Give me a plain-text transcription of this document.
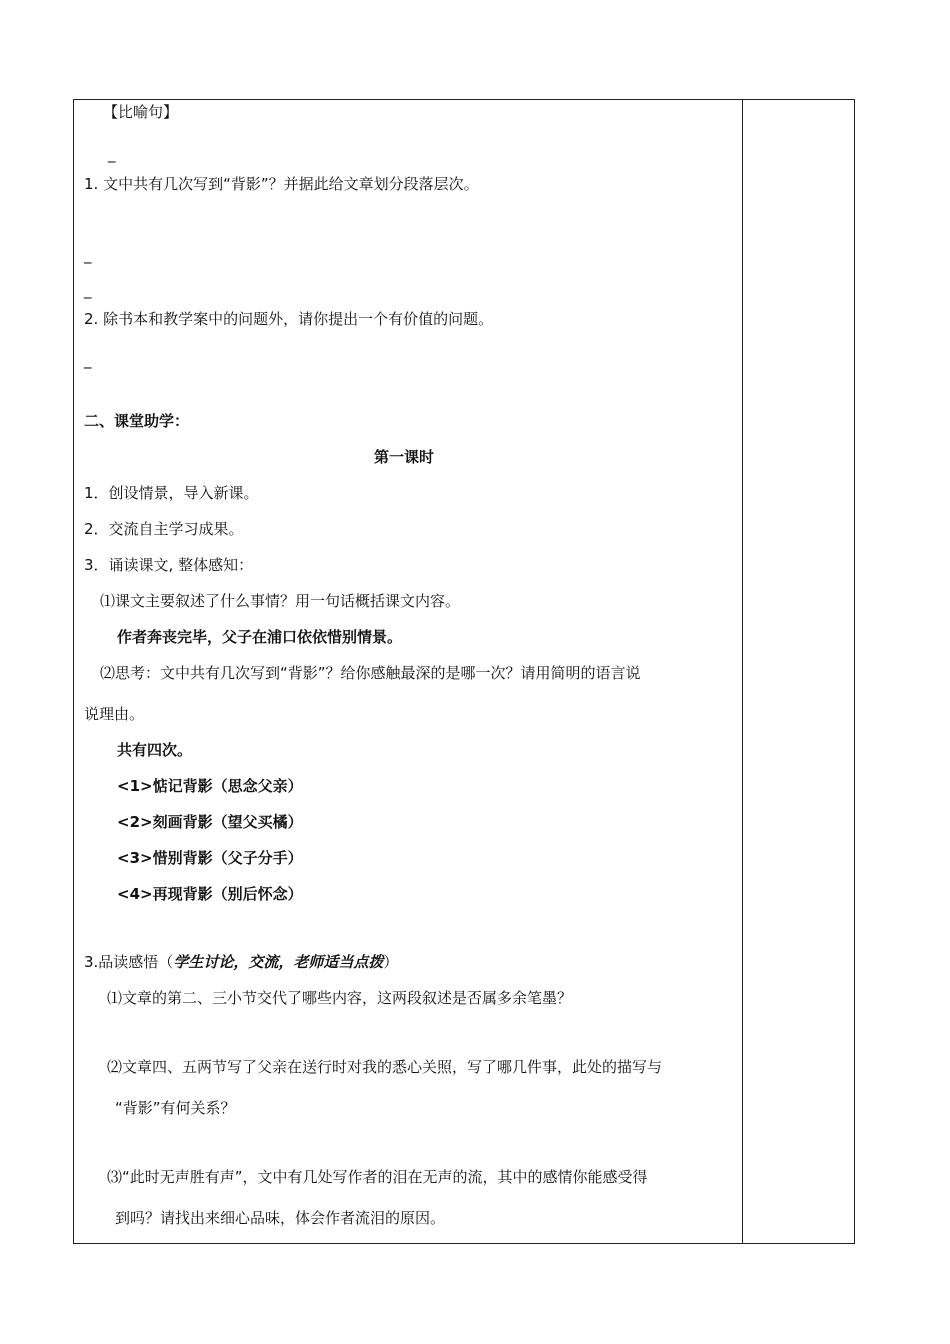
【比喻句】
_
1. 文中共有几次写到“背影”？并据此给文章划分段落层次。
_
_
2. 除书本和教学案中的问题外，请你提出一个有价值的问题。
_
二、课堂助学：
第一课时
1．创设情景，导入新课。
2．交流自主学习成果。
3．诵读课文, 整体感知：
⑴课文主要叙述了什么事情？用一句话概括课文内容。
作者奔丧完毕，父子在浦口依依惜别情景。
⑵思考：文中共有几次写到“背影”？给你感触最深的是哪一次？请用简明的语言说
说理由。
共有四次。
<1>惦记背影（思念父亲）
<2>刻画背影（望父买橘）
<3>惜别背影（父子分手）
<4>再现背影（别后怀念）
3.品读感悟（学生讨论，交流，老师适当点拨）
⑴文章的第二、三小节交代了哪些内容，这两段叙述是否属多余笔墨？
⑵文章四、五两节写了父亲在送行时对我的悉心关照，写了哪几件事，此处的描写与
“背影”有何关系？
⑶“此时无声胜有声”，文中有几处写作者的泪在无声的流，其中的感情你能感受得
到吗？请找出来细心品味，体会作者流泪的原因。
